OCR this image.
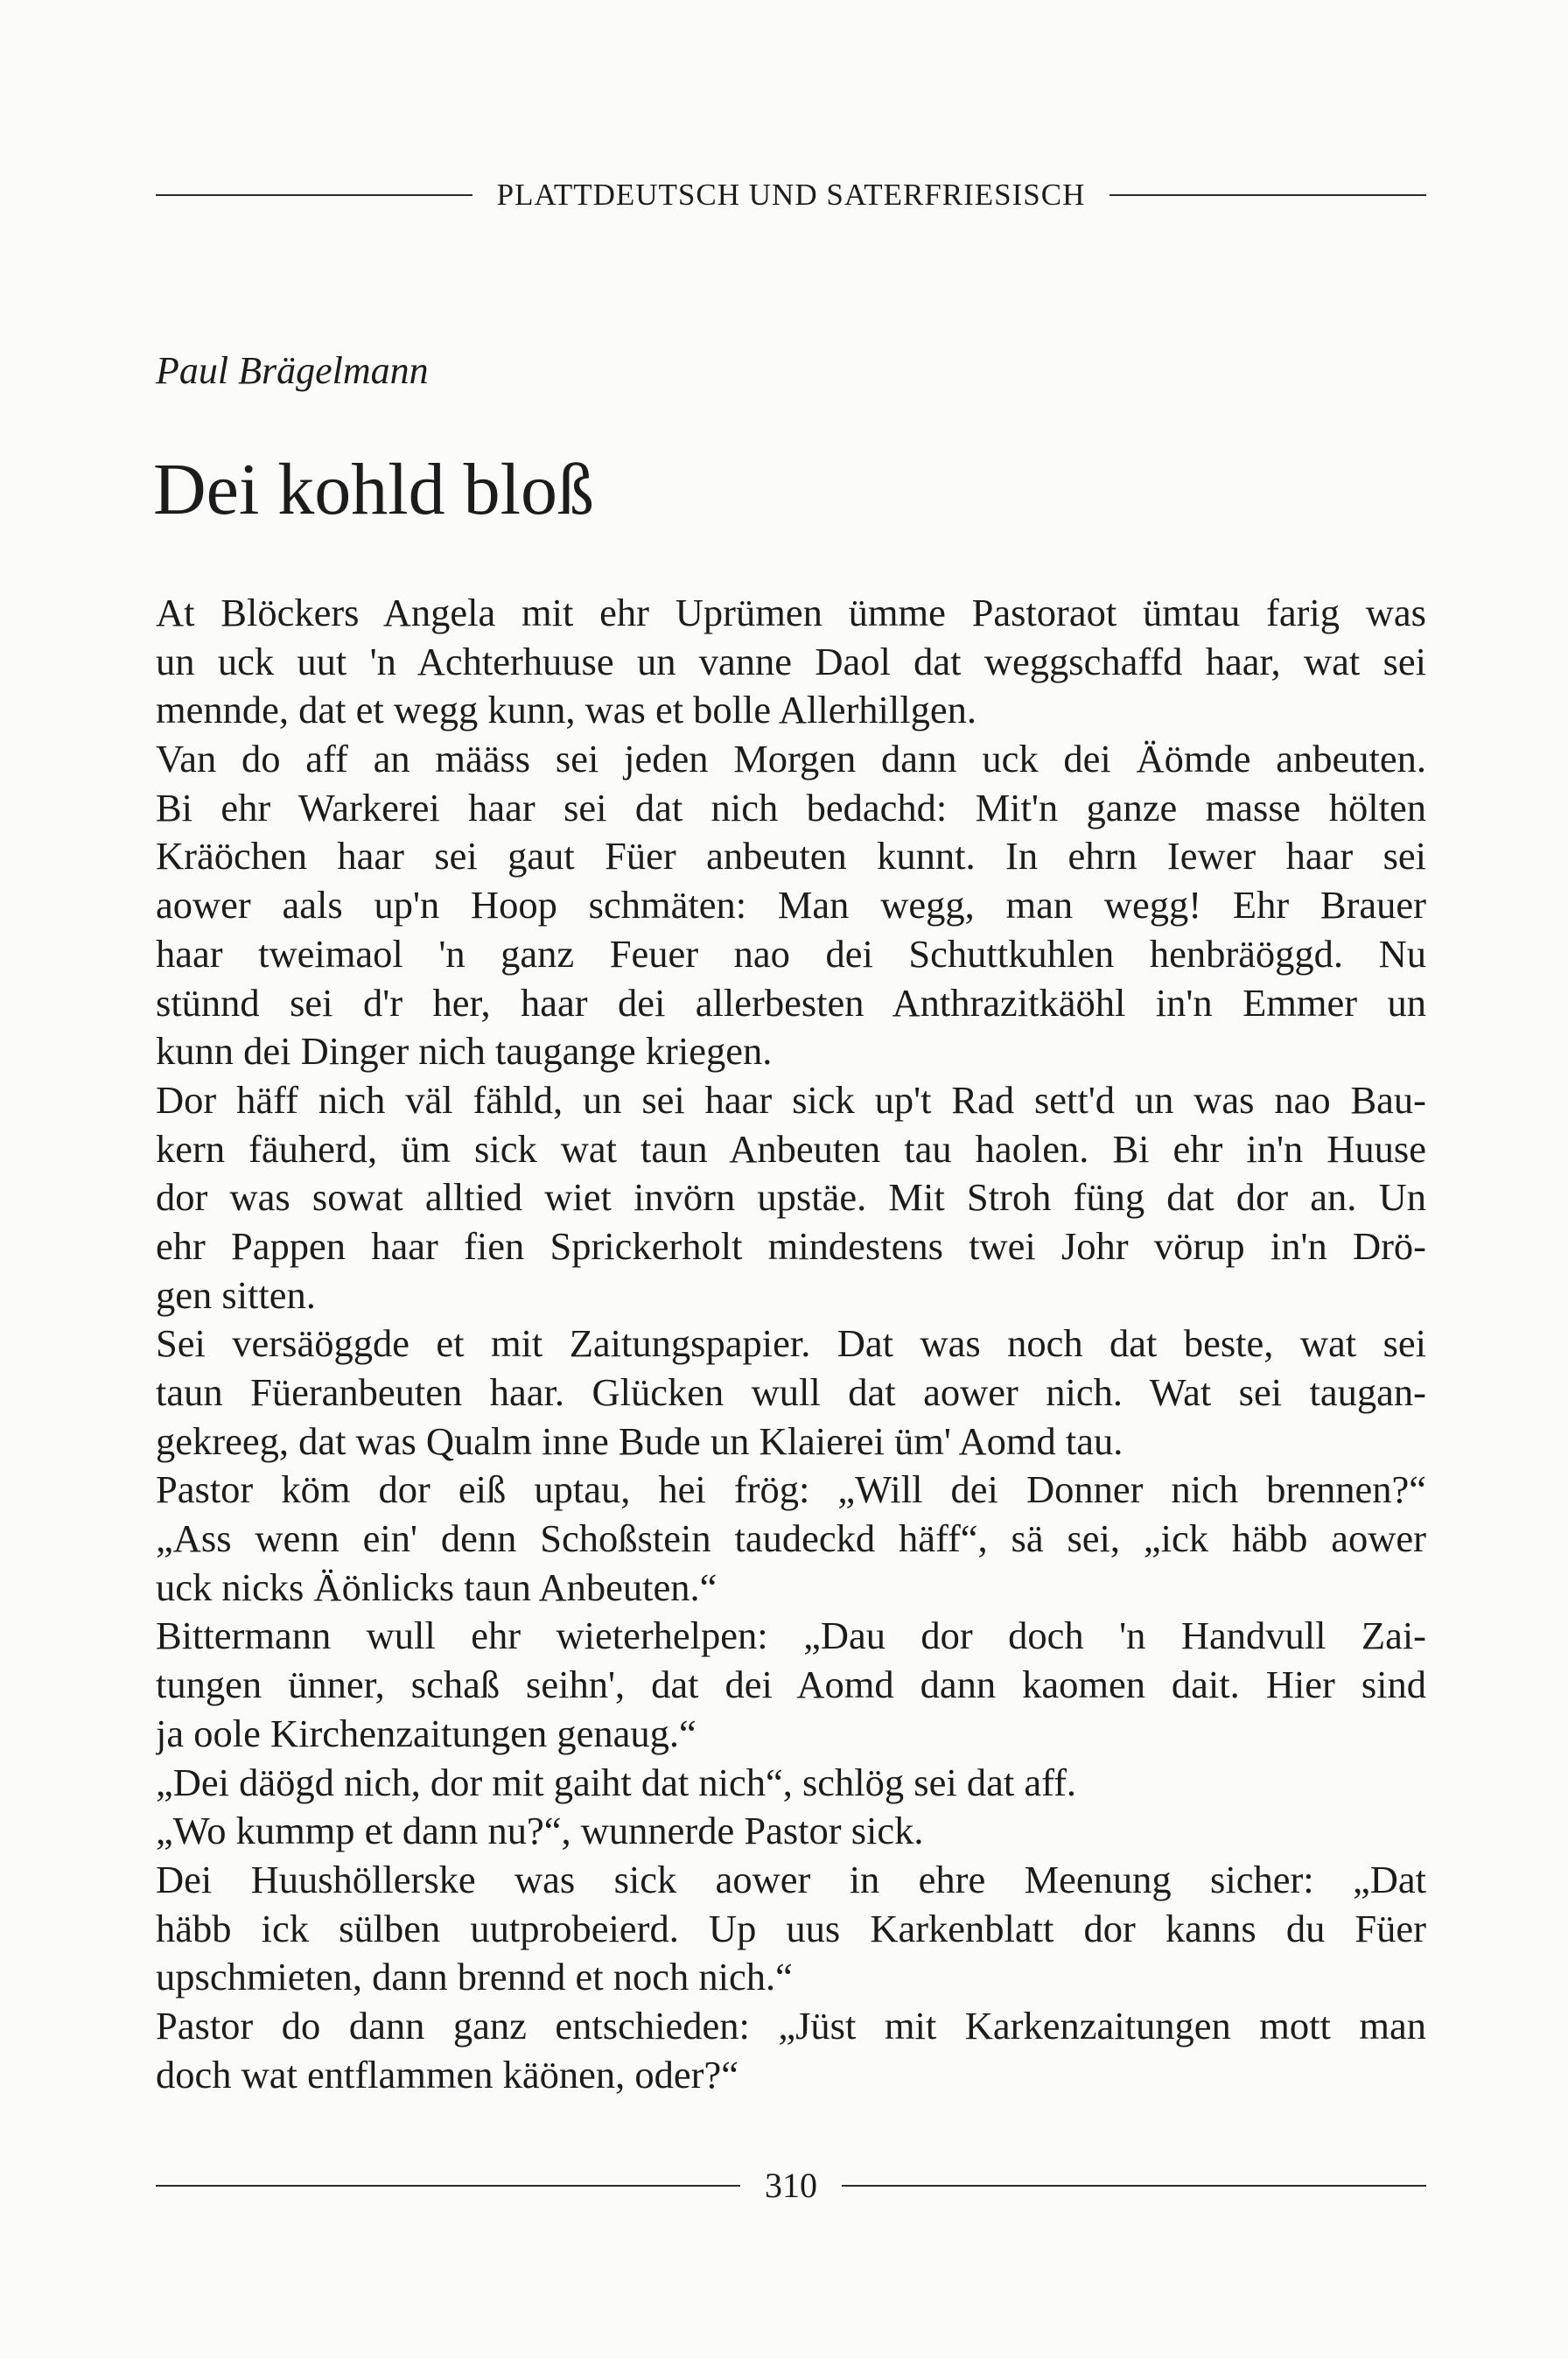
PLATTDEUTSCH UND SATERFRIESISCH
Paul Brägelmann
Dei kohld bloß
At Blöckers Angela mit ehr Uprümen ümme Pastoraot ümtau farig was
un uck uut 'n Achterhuuse un vanne Daol dat weggschaffd haar, wat sei
mennde, dat et wegg kunn, was et bolle Allerhillgen.
Van do aff an määss sei jeden Morgen dann uck dei Äömde anbeuten.
Bi ehr Warkerei haar sei dat nich bedachd: Mit'n ganze masse hölten
Kräöchen haar sei gaut Füer anbeuten kunnt. In ehrn Iewer haar sei
aower aals up'n Hoop schmäten: Man wegg, man wegg! Ehr Brauer
haar tweimaol 'n ganz Feuer nao dei Schuttkuhlen henbräöggd. Nu
stünnd sei d'r her, haar dei allerbesten Anthrazitkäöhl in'n Emmer un
kunn dei Dinger nich taugange kriegen.
Dor häff nich väl fähld, un sei haar sick up't Rad sett'd un was nao Bau-
kern fäuherd, üm sick wat taun Anbeuten tau haolen. Bi ehr in'n Huuse
dor was sowat alltied wiet invörn upstäe. Mit Stroh füng dat dor an. Un
ehr Pappen haar fien Sprickerholt mindestens twei Johr vörup in'n Drö-
gen sitten.
Sei versäöggde et mit Zaitungspapier. Dat was noch dat beste, wat sei
taun Füeranbeuten haar. Glücken wull dat aower nich. Wat sei taugan-
gekreeg, dat was Qualm inne Bude un Klaierei üm' Aomd tau.
Pastor köm dor eiß uptau, hei frög: „Will dei Donner nich brennen?“
„Ass wenn ein' denn Schoßstein taudeckd häff“, sä sei, „ick häbb aower
uck nicks Äönlicks taun Anbeuten.“
Bittermann wull ehr wieterhelpen: „Dau dor doch 'n Handvull Zai-
tungen ünner, schaß seihn', dat dei Aomd dann kaomen dait. Hier sind
ja oole Kirchenzaitungen genaug.“
„Dei däögd nich, dor mit gaiht dat nich“, schlög sei dat aff.
„Wo kummp et dann nu?“, wunnerde Pastor sick.
Dei Huushöllerske was sick aower in ehre Meenung sicher: „Dat
häbb ick sülben uutprobeierd. Up uus Karkenblatt dor kanns du Füer
upschmieten, dann brennd et noch nich.“
Pastor do dann ganz entschieden: „Jüst mit Karkenzaitungen mott man
doch wat entflammen käönen, oder?“
310
